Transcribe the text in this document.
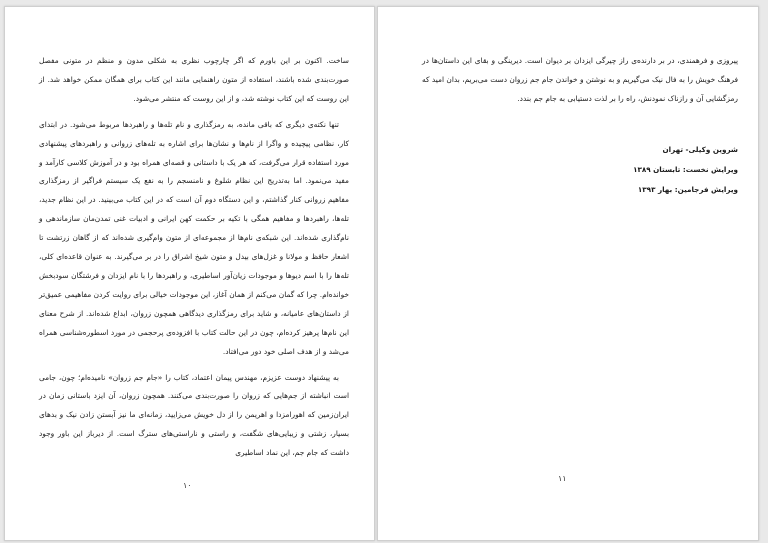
ساخت. اکنون بر این باورم که اگر چارچوب نظری به شکلی مدون و منظم در متونی مفصل صورت‌بندی شده باشند، استفاده از متون راهنمایی مانند این کتاب برای همگان ممکن خواهد شد. از این روست که این کتاب نوشته شد، و از این روست که منتشر می‌شود.

تنها نکته‌ی دیگری که باقی مانده، به رمزگذاری و نام تله‌ها و راهبردها مربوط می‌شود. در ابتدای کار، نظامی پیچیده و واگرا از نام‌ها و نشان‌ها برای اشاره به تله‌های زروانی و راهبردهای پیشنهادی مورد استفاده قرار می‌گرفت، که هر یک با داستانی و قصه‌ای همراه بود و در آموزش کلاسی کارآمد و مفید می‌نمود. اما به‌تدریج این نظام شلوغ و نامنسجم را به نفع یک سیستم فراگیر از رمزگذاری مفاهیم زروانی کنار گذاشتم، و این دستگاه دوم آن است که در این کتاب می‌بینید. در این نظام جدید، تله‌ها، راهبردها و مفاهیم همگی با تکیه بر حکمت کهن ایرانی و ادبیات غنی تمدن‌مان سازماندهی و نام‌گذاری شده‌اند. این شبکه‌ی نام‌ها از مجموعه‌ای از متون وام‌گیری شده‌اند که از گاهان زرتشت تا اشعار حافظ و مولانا و غزل‌های بیدل و متون شیخ اشراق را در بر می‌گیرند. به عنوان قاعده‌ای کلی، تله‌ها را با اسم دیوها و موجودات زیان‌آور اساطیری، و راهبردها را با نام ایزدان و فرشتگان سودبخش خوانده‌ام. چرا که گمان می‌کنم از همان آغاز، این موجودات خیالی برای روایت کردن مفاهیمی عمیق‌تر از داستان‌های عامیانه، و شاید برای رمزگذاری دیدگاهی همچون زروان، ابداع شده‌اند. از شرح معنای این نام‌ها پرهیز کرده‌ام، چون در این حالت کتاب با افزوده‌ی پرحجمی در مورد اسطوره‌شناسی همراه می‌شد و از هدف اصلی خود دور می‌افتاد.

به پیشنهاد دوست عزیزم، مهندس پیمان اعتماد، کتاب را «جام جم زروان» نامیده‌ام؛ چون، جامی است انباشته از جم‌هایی که زروان را صورت‌بندی می‌کنند. همچون زروان، آن ایزد باستانی زمان در ایران‌زمین که اهورامزدا و اهریمن را از دل خویش می‌زایید، زمانه‌ای ما نیز آبستن زادن نیک و بدهای بسیار، زشتی و زیبایی‌های شگفت، و راستی و ناراستی‌های سترگ است. از دیرباز این باور وجود داشت که جام جم، این نماد اساطیری

۱۰

پیروزی و فرهمندی، در بر دارنده‌ی راز چیرگی ایزدان بر دیوان است. دیرینگی و بقای این داستان‌ها در فرهنگ خویش را به فال نیک می‌گیریم و به نوشتن و خواندن جام جم زروان دست می‌بریم، بدان امید که رمزگشایی آن و رازناک نمودنش، راه را بر لذت دستیابی به جام جم بندد.

شروین وکیلی- تهران
ویرایش نخست: تابستان ۱۳۸۹
ویرایش فرجامین: بهار ۱۳۹۳
۱۱
